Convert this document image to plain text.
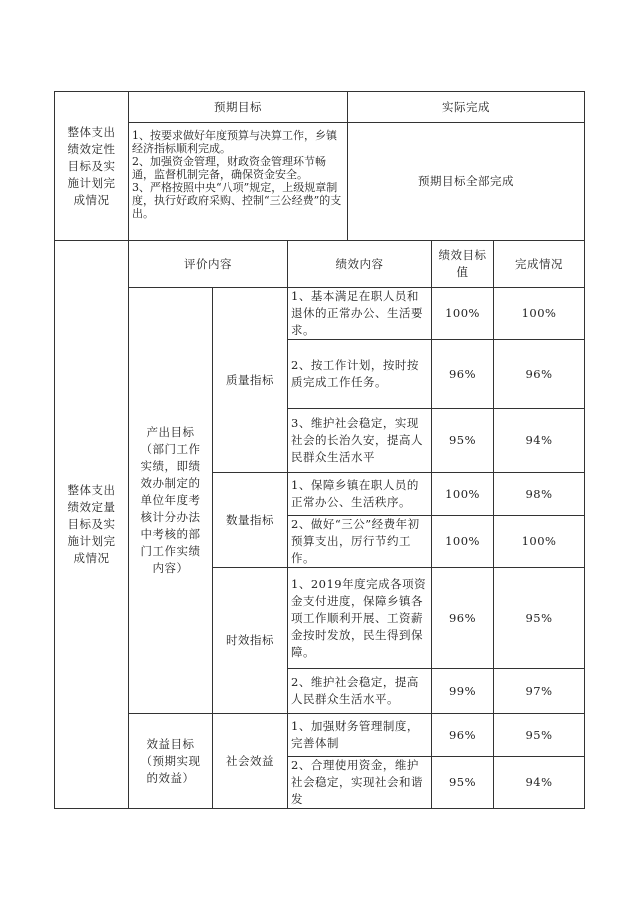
整体支出绩效定性目标及实施计划完成情况	预期目标			实际完成		
	1、按要求做好年度预算与决算工作，乡镇经济指标顺利完成。
2、加强资金管理，财政资金管理环节畅通，监督机制完备，确保资金安全。
3、严格按照中央“八项”规定，上级规章制度，执行好政府采购、控制“三公经费”的支出。			预期目标全部完成		
整体支出绩效定量目标及实施计划完成情况	评价内容		绩效内容		绩效目标值	完成情况
	产出目标（部门工作实绩，即绩效办制定的单位年度考核计分办法中考核的部门工作实绩内容）	质量指标	1、基本满足在职人员和退休的正常办公、生活要求。		100%	100%
			2、按工作计划，按时按质完成工作任务。		96%	96%
			3、维护社会稳定，实现社会的长治久安，提高人民群众生活水平		95%	94%
		数量指标	1、保障乡镇在职人员的正常办公、生活秩序。		100%	98%
			2、做好“三公”经费年初预算支出，厉行节约工作。		100%	100%
		时效指标	1、2019年度完成各项资金支付进度，保障乡镇各项工作顺利开展、工资薪金按时发放，民生得到保障。		96%	95%
			2、维护社会稳定，提高人民群众生活水平。		99%	97%
	效益目标（预期实现的效益）	社会效益	1、加强财务管理制度，完善体制		96%	95%
			2、合理使用资金，维护社会稳定，实现社会和谐发		95%	94%
